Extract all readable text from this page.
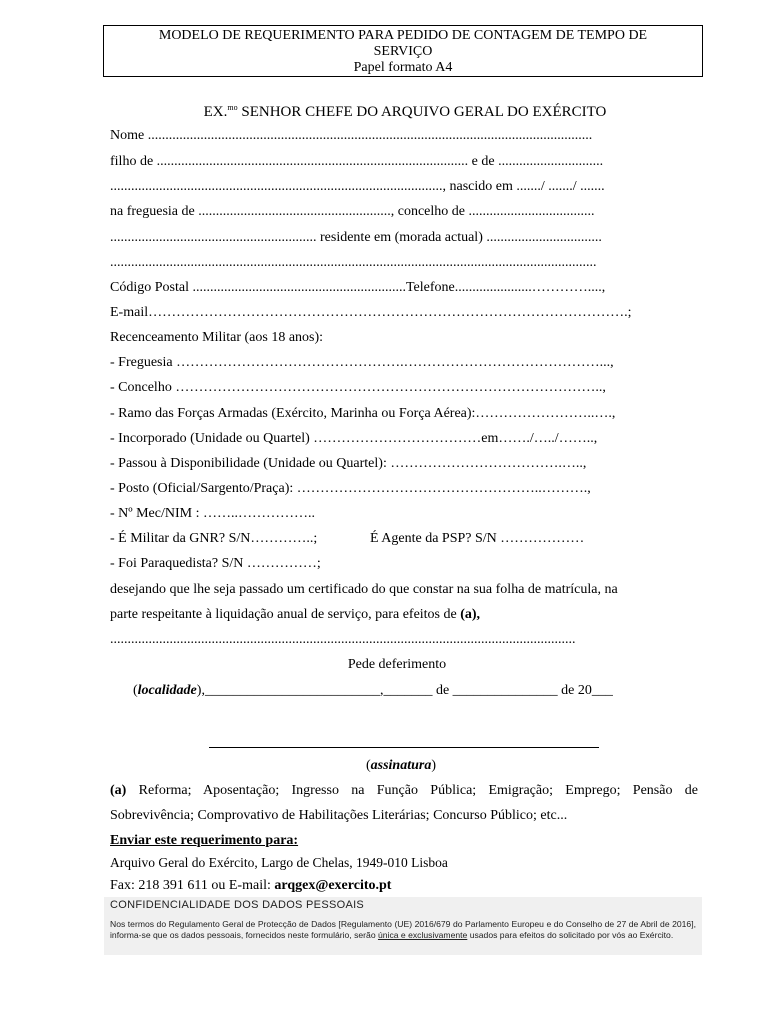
MODELO DE REQUERIMENTO PARA PEDIDO DE CONTAGEM DE TEMPO DE
SERVIÇO
Papel formato A4
EX.$^{mo}$ SENHOR CHEFE DO ARQUIVO GERAL DO EXÉRCITO
Nome ...............................................................................................................................
filho de ......................................................................................... e de ..............................
..............................................................................................., nascido em ......./ ......./ .......
na freguesia de ......................................................., concelho de ....................................
........................................................... residente em (morada actual) .................................
...........................................................................................................................................
Código Postal .............................................................Telefone......................…………....,
E-mail………………………………………………………………………………………….;
Recenceamento Militar (aos 18 anos):
- Freguesia ………………………………………….……………………………………...,
- Concelho ………………………………………………………………………………..,
- Ramo das Forças Armadas (Exército, Marinha ou Força Aérea):……………………..….,
- Incorporado (Unidade ou Quartel) ………………………………em……./…../……..,
- Passou à Disponibilidade (Unidade ou Quartel): ……………………………….…..,
- Posto (Oficial/Sargento/Praça): ……………………………………………..……….,
- Nº Mec/NIM : ……..……………..
- É Militar da GNR? S/N…………..;	É Agente da PSP? S/N ………………
- Foi Paraquedista? S/N ……………;
desejando que lhe seja passado um certificado do que constar na sua folha de matrícula, na
parte respeitante à liquidação anual de serviço, para efeitos de (a),
.....................................................................................................................................
Pede deferimento
(localidade),_________________________,_______ de _______________ de 20___
(assinatura)
(a) Reforma; Aposentação; Ingresso na Função Pública; Emigração; Emprego; Pensão de
Sobrevivência; Comprovativo de Habilitações Literárias; Concurso Público; etc...
Enviar este requerimento para:
Arquivo Geral do Exército, Largo de Chelas, 1949-010 Lisboa
Fax: 218 391 611 ou E-mail: arqgex@exercito.pt
CONFIDENCIALIDADE DOS DADOS PESSOAIS
Nos termos do Regulamento Geral de Protecção de Dados [Regulamento (UE) 2016/679 do Parlamento Europeu e do Conselho de 27 de Abril de 2016], informa-se que os dados pessoais, fornecidos neste formulário, serão única e exclusivamente usados para efeitos do solicitado por vós ao Exército.
